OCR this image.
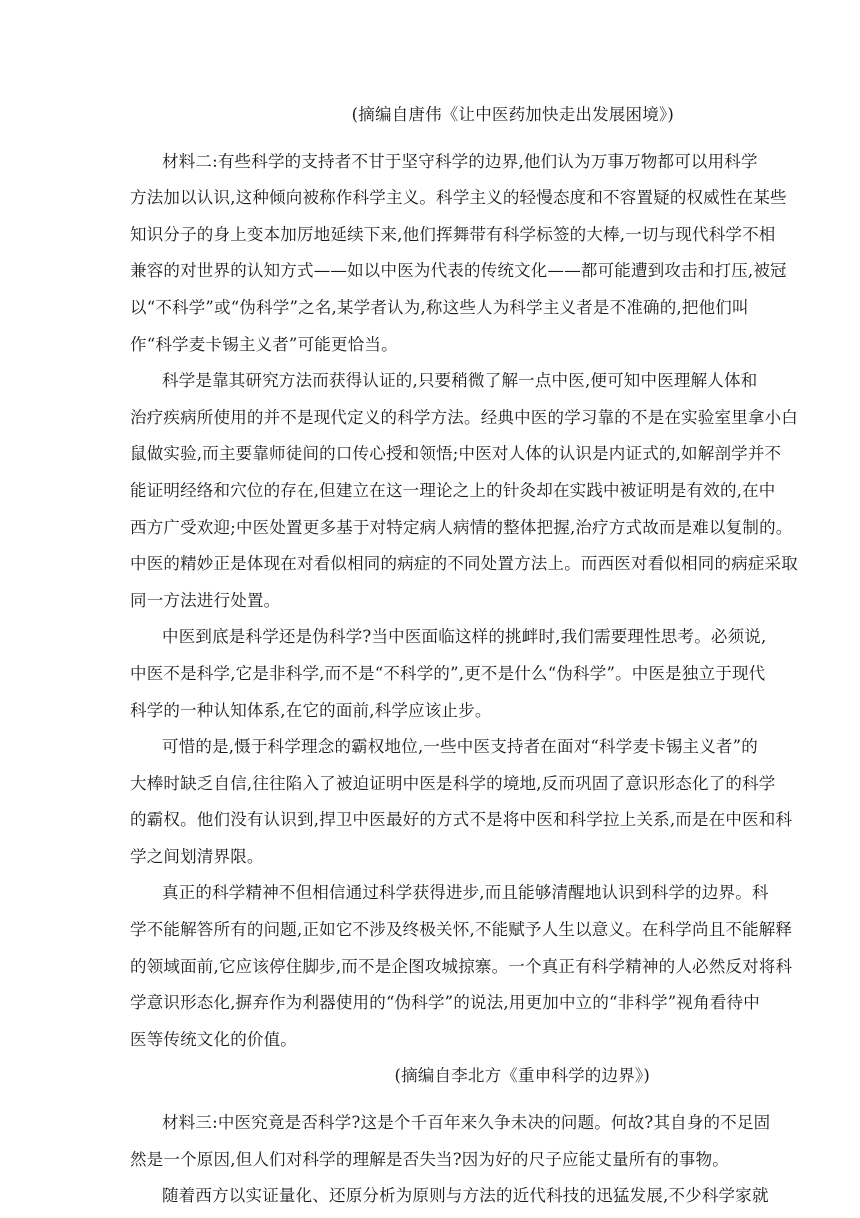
(摘编自唐伟《让中医药加快走出发展困境》)
材料二:有些科学的支持者不甘于坚守科学的边界,他们认为万事万物都可以用科学
方法加以认识,这种倾向被称作科学主义。科学主义的轻慢态度和不容置疑的权威性在某些
知识分子的身上变本加厉地延续下来,他们挥舞带有科学标签的大棒,一切与现代科学不相
兼容的对世界的认知方式——如以中医为代表的传统文化——都可能遭到攻击和打压,被冠
以“不科学”或“伪科学”之名,某学者认为,称这些人为科学主义者是不准确的,把他们叫
作“科学麦卡锡主义者”可能更恰当。
科学是靠其研究方法而获得认证的,只要稍微了解一点中医,便可知中医理解人体和
治疗疾病所使用的并不是现代定义的科学方法。经典中医的学习靠的不是在实验室里拿小白
鼠做实验,而主要靠师徒间的口传心授和领悟;中医对人体的认识是内证式的,如解剖学并不
能证明经络和穴位的存在,但建立在这一理论之上的针灸却在实践中被证明是有效的,在中
西方广受欢迎;中医处置更多基于对特定病人病情的整体把握,治疗方式故而是难以复制的。
中医的精妙正是体现在对看似相同的病症的不同处置方法上。而西医对看似相同的病症采取
同一方法进行处置。
中医到底是科学还是伪科学?当中医面临这样的挑衅时,我们需要理性思考。必须说,
中医不是科学,它是非科学,而不是“不科学的”,更不是什么“伪科学”。中医是独立于现代
科学的一种认知体系,在它的面前,科学应该止步。
可惜的是,慑于科学理念的霸权地位,一些中医支持者在面对“科学麦卡锡主义者”的
大棒时缺乏自信,往往陷入了被迫证明中医是科学的境地,反而巩固了意识形态化了的科学
的霸权。他们没有认识到,捍卫中医最好的方式不是将中医和科学拉上关系,而是在中医和科
学之间划清界限。
真正的科学精神不但相信通过科学获得进步,而且能够清醒地认识到科学的边界。科
学不能解答所有的问题,正如它不涉及终极关怀,不能赋予人生以意义。在科学尚且不能解释
的领域面前,它应该停住脚步,而不是企图攻城掠寨。一个真正有科学精神的人必然反对将科
学意识形态化,摒弃作为利器使用的“伪科学”的说法,用更加中立的“非科学”视角看待中
医等传统文化的价值。
(摘编自李北方《重申科学的边界》)
材料三:中医究竟是否科学?这是个千百年来久争未决的问题。何故?其自身的不足固
然是一个原因,但人们对科学的理解是否失当?因为好的尺子应能丈量所有的事物。
随着西方以实证量化、还原分析为原则与方法的近代科技的迅猛发展,不少科学家就
